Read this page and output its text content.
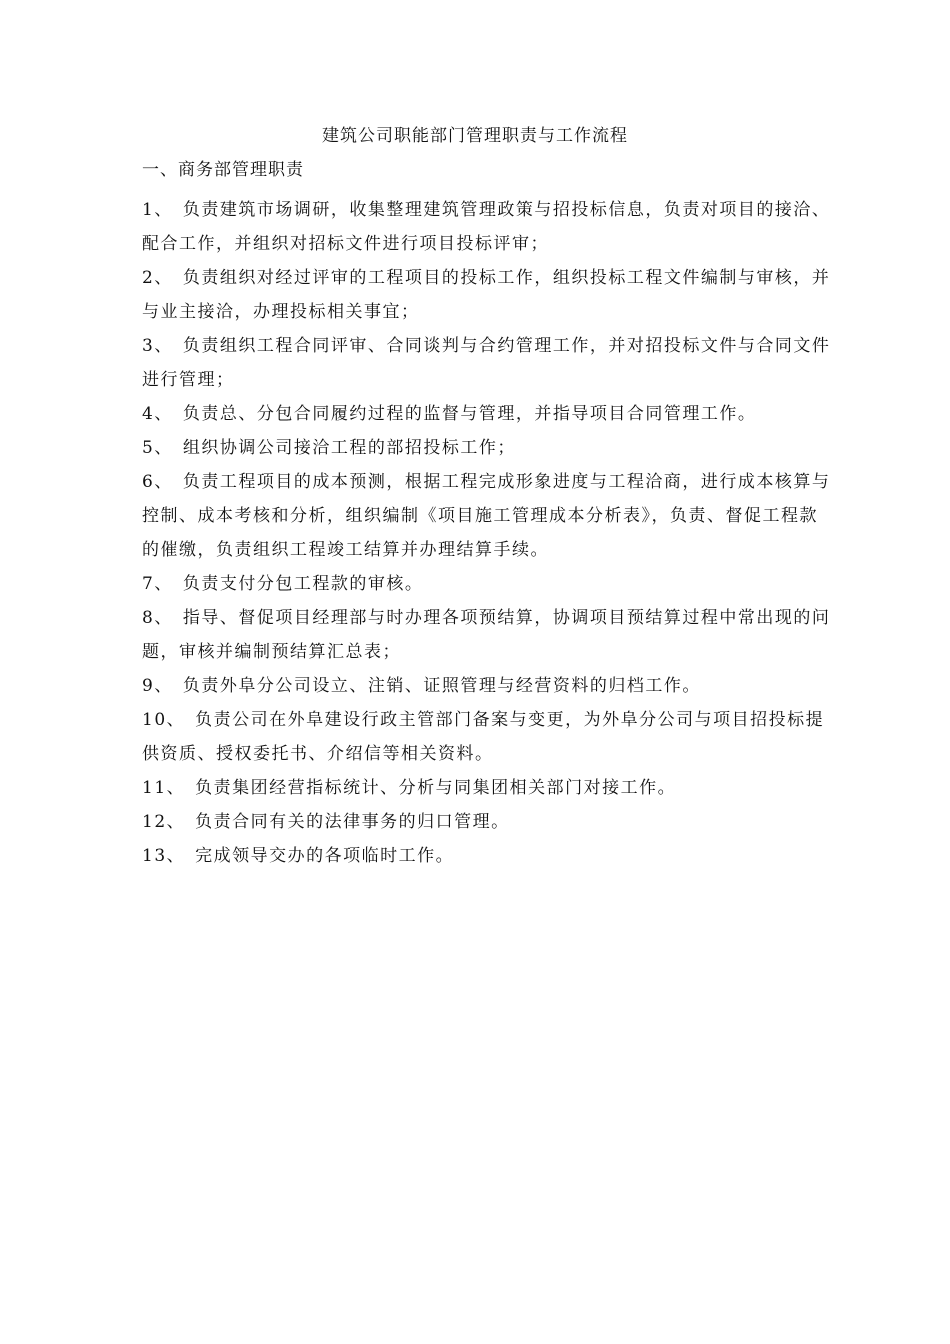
建筑公司职能部门管理职责与工作流程
一、商务部管理职责
1、 负责建筑市场调研，收集整理建筑管理政策与招投标信息，负责对项目的接洽、配合工作，并组织对招标文件进行项目投标评审；
2、 负责组织对经过评审的工程项目的投标工作，组织投标工程文件编制与审核，并与业主接洽，办理投标相关事宜；
3、 负责组织工程合同评审、合同谈判与合约管理工作，并对招投标文件与合同文件进行管理；
4、 负责总、分包合同履约过程的监督与管理，并指导项目合同管理工作。
5、 组织协调公司接洽工程的部招投标工作；
6、 负责工程项目的成本预测，根据工程完成形象进度与工程洽商，进行成本核算与控制、成本考核和分析，组织编制《项目施工管理成本分析表》，负责、督促工程款的催缴，负责组织工程竣工结算并办理结算手续。
7、 负责支付分包工程款的审核。
8、 指导、督促项目经理部与时办理各项预结算，协调项目预结算过程中常出现的问题，审核并编制预结算汇总表；
9、 负责外阜分公司设立、注销、证照管理与经营资料的归档工作。
10、 负责公司在外阜建设行政主管部门备案与变更，为外阜分公司与项目招投标提供资质、授权委托书、介绍信等相关资料。
11、 负责集团经营指标统计、分析与同集团相关部门对接工作。
12、 负责合同有关的法律事务的归口管理。
13、 完成领导交办的各项临时工作。
